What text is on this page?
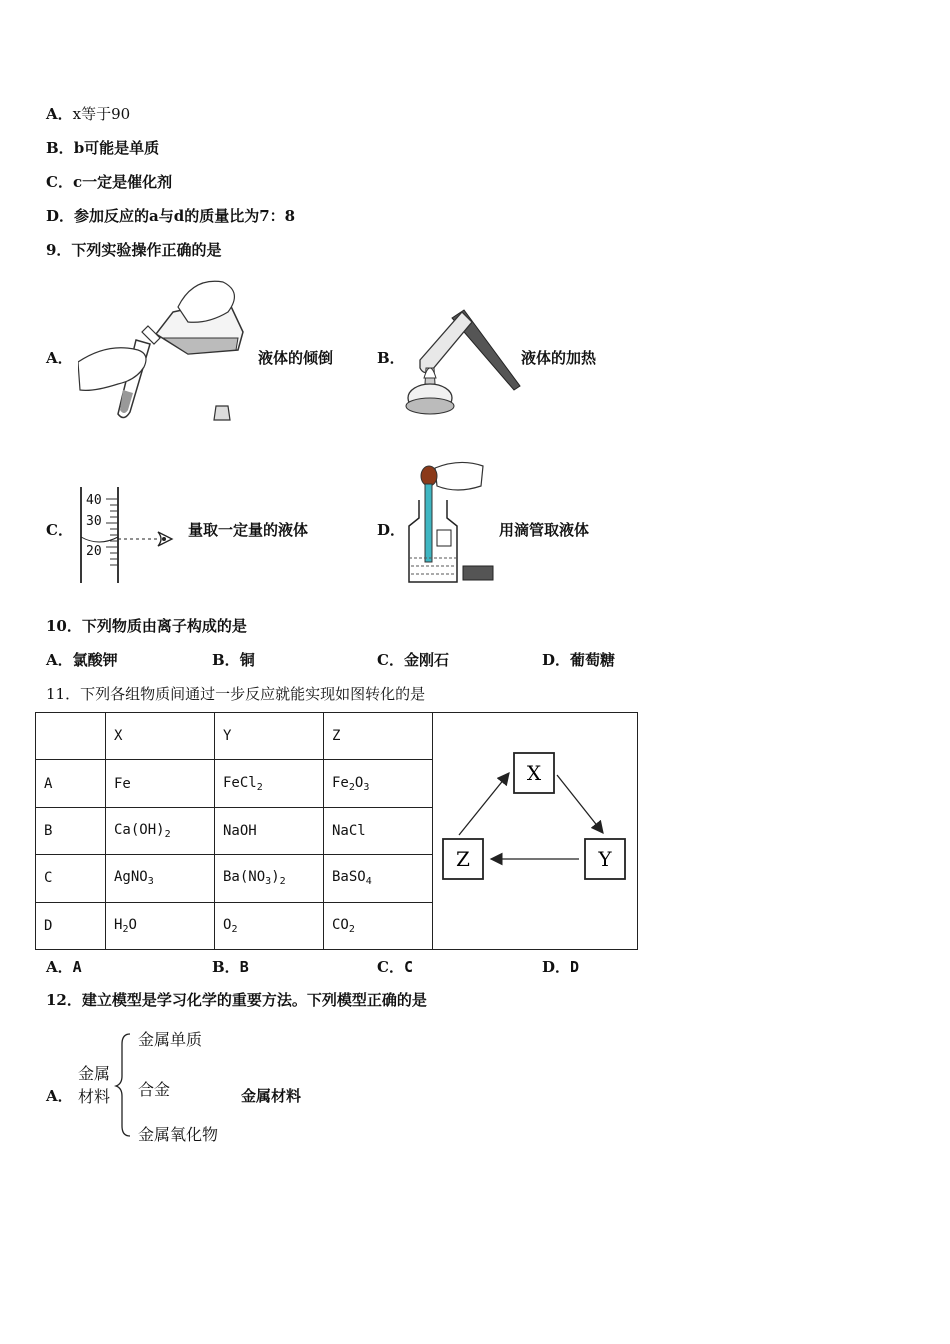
A．x等于90
B．b可能是单质
C．c一定是催化剂
D．参加反应的a与d的质量比为7：8
9．下列实验操作正确的是
A．	液体的倾倒	B．	液体的加热
C．
40
30
20
量取一定量的液体	D．	用滴管取液体
10．下列物质由离子构成的是
A．氯酸钾	B．铜	C．金刚石	D．葡萄糖
11．下列各组物质间通过一步反应就能实现如图转化的是
	X	Y	Z	X
Y
Z

A	Fe	FeCl$_2$	$Fe_2O_3$
B	$Ca(OH)_2$	NaOH	NaCl	
C	AgNO$_3$	$Ba(NO_3)_2$	BaSO$_4$
D	$H_2O$	$O_2$	$CO_2$
A．A	B．B	C．C	D．D
12．建立模型是学习化学的重要方法。下列模型正确的是
A．
金属
材料
金属单质
合金
金属氧化物
金属材料
